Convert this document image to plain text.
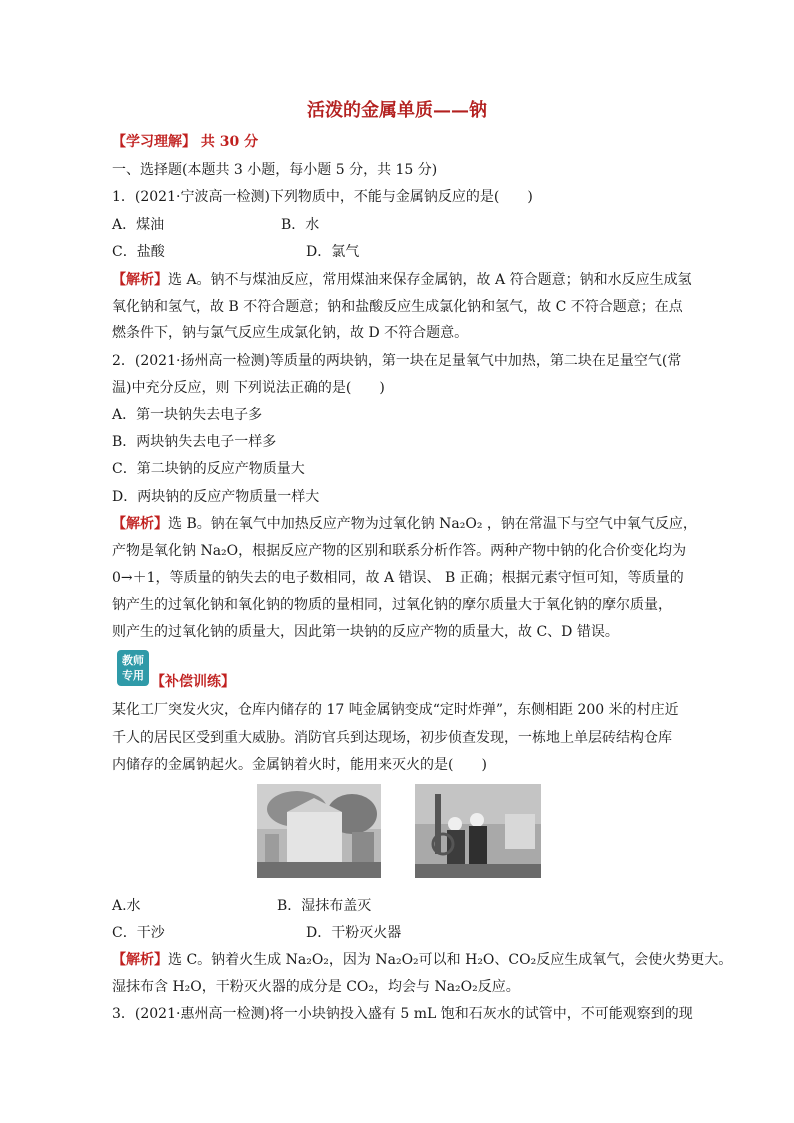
活泼的金属单质——钠
【学习理解】 共 30 分
一、选择题(本题共 3 小题，每小题 5 分，共 15 分)
1．(2021·宁波高一检测)下列物质中，不能与金属钠反应的是(　　)
A．煤油	B．水
C．盐酸	D．氯气
【解析】选 A。钠不与煤油反应，常用煤油来保存金属钠，故 A 符合题意；钠和水反应生成氢
氧化钠和氢气，故 B 不符合题意；钠和盐酸反应生成氯化钠和氢气，故 C 不符合题意；在点
燃条件下，钠与氯气反应生成氯化钠，故 D 不符合题意。
2．(2021·扬州高一检测)等质量的两块钠，第一块在足量氧气中加热，第二块在足量空气(常
温)中充分反应，则 下列说法正确的是(　　)
A．第一块钠失去电子多
B．两块钠失去电子一样多
C．第二块钠的反应产物质量大
D．两块钠的反应产物质量一样大
【解析】选 B。钠在氧气中加热反应产物为过氧化钠 Na₂O₂ ，钠在常温下与空气中氧气反应，
产物是氧化钠 Na₂O，根据反应产物的区别和联系分析作答。两种产物中钠的化合价变化均为
0→＋1，等质量的钠失去的电子数相同，故 A 错误、 B 正确；根据元素守恒可知，等质量的
钠产生的过氧化钠和氧化钠的物质的量相同，过氧化钠的摩尔质量大于氧化钠的摩尔质量，
则产生的过氧化钠的质量大，因此第一块钠的反应产物的质量大，故 C、D 错误。
教师
专用 【补偿训练】
某化工厂突发火灾，仓库内储存的 17 吨金属钠变成“定时炸弹”，东侧相距 200 米的村庄近
千人的居民区受到重大威胁。消防官兵到达现场，初步侦查发现，一栋地上单层砖结构仓库
内储存的金属钠起火。金属钠着火时，能用来灭火的是(　　)
A.水	B．湿抹布盖灭
C．干沙	D．干粉灭火器
【解析】选 C。钠着火生成 Na₂O₂，因为 Na₂O₂可以和 H₂O、CO₂反应生成氧气，会使火势更大。
湿抹布含 H₂O，干粉灭火器的成分是 CO₂，均会与 Na₂O₂反应。
3．(2021·惠州高一检测)将一小块钠投入盛有 5 mL 饱和石灰水的试管中，不可能观察到的现
